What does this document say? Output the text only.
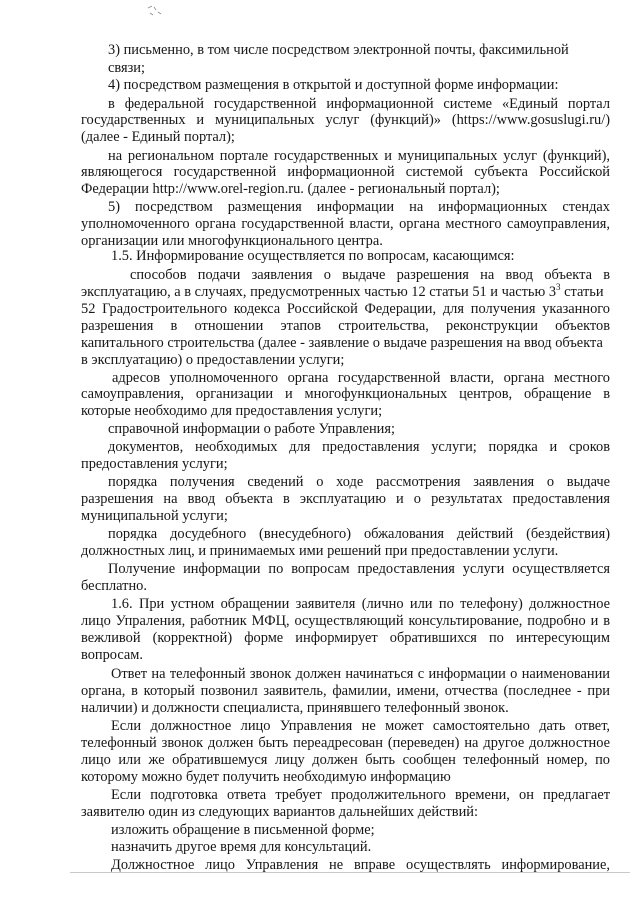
3) письменно, в том числе посредством электронной почты, факсимильной
связи;
4) посредством размещения в открытой и доступной форме информации:
в федеральной государственной информационной системе «Единый портал
государственных и муниципальных услуг (функций)» (https://www.gosuslugi.ru/)
(далее - Единый портал);
на региональном портале государственных и муниципальных услуг (функций),
являющегося государственной информационной системой субъекта Российской
Федерации http://www.orel-region.ru. (далее - региональный портал);
5) посредством размещения информации на информационных стендах
уполномоченного органа государственной власти, органа местного самоуправления,
организации или многофункционального центра.
1.5. Информирование осуществляется по вопросам, касающимся:
способов подачи заявления о выдаче разрешения на ввод объекта в
эксплуатацию, а в случаях, предусмотренных частью 12 статьи 51 и частью $3^3$ статьи
52 Градостроительного кодекса Российской Федерации, для получения указанного
разрешения в отношении этапов строительства, реконструкции объектов
капитального строительства (далее - заявление о выдаче разрешения на ввод объекта
в эксплуатацию) о предоставлении услуги;
адресов уполномоченного органа государственной власти, органа местного
самоуправления, организации и многофункциональных центров, обращение в
которые необходимо для предоставления услуги;
справочной информации о работе Управления;
документов, необходимых для предоставления услуги; порядка и сроков
предоставления услуги;
порядка получения сведений о ходе рассмотрения заявления о выдаче
разрешения на ввод объекта в эксплуатацию и о результатах предоставления
муниципальной услуги;
порядка досудебного (внесудебного) обжалования действий (бездействия)
должностных лиц, и принимаемых ими решений при предоставлении услуги.
Получение информации по вопросам предоставления услуги осуществляется
бесплатно.
1.6. При устном обращении заявителя (лично или по телефону) должностное
лицо Упраления, работник МФЦ, осуществляющий консультирование, подробно и в
вежливой (корректной) форме информирует обратившихся по интересующим
вопросам.
Ответ на телефонный звонок должен начинаться с информации о наименовании
органа, в который позвонил заявитель, фамилии, имени, отчества (последнее - при
наличии) и должности специалиста, принявшего телефонный звонок.
Если должностное лицо Управления не может самостоятельно дать ответ,
телефонный звонок должен быть переадресован (переведен) на другое должностное
лицо или же обратившемуся лицу должен быть сообщен телефонный номер, по
которому можно будет получить необходимую информацию
Если подготовка ответа требует продолжительного времени, он предлагает
заявителю один из следующих вариантов дальнейших действий:
изложить обращение в письменной форме;
назначить другое время для консультаций.
Должностное лицо Управления не вправе осуществлять информирование,
